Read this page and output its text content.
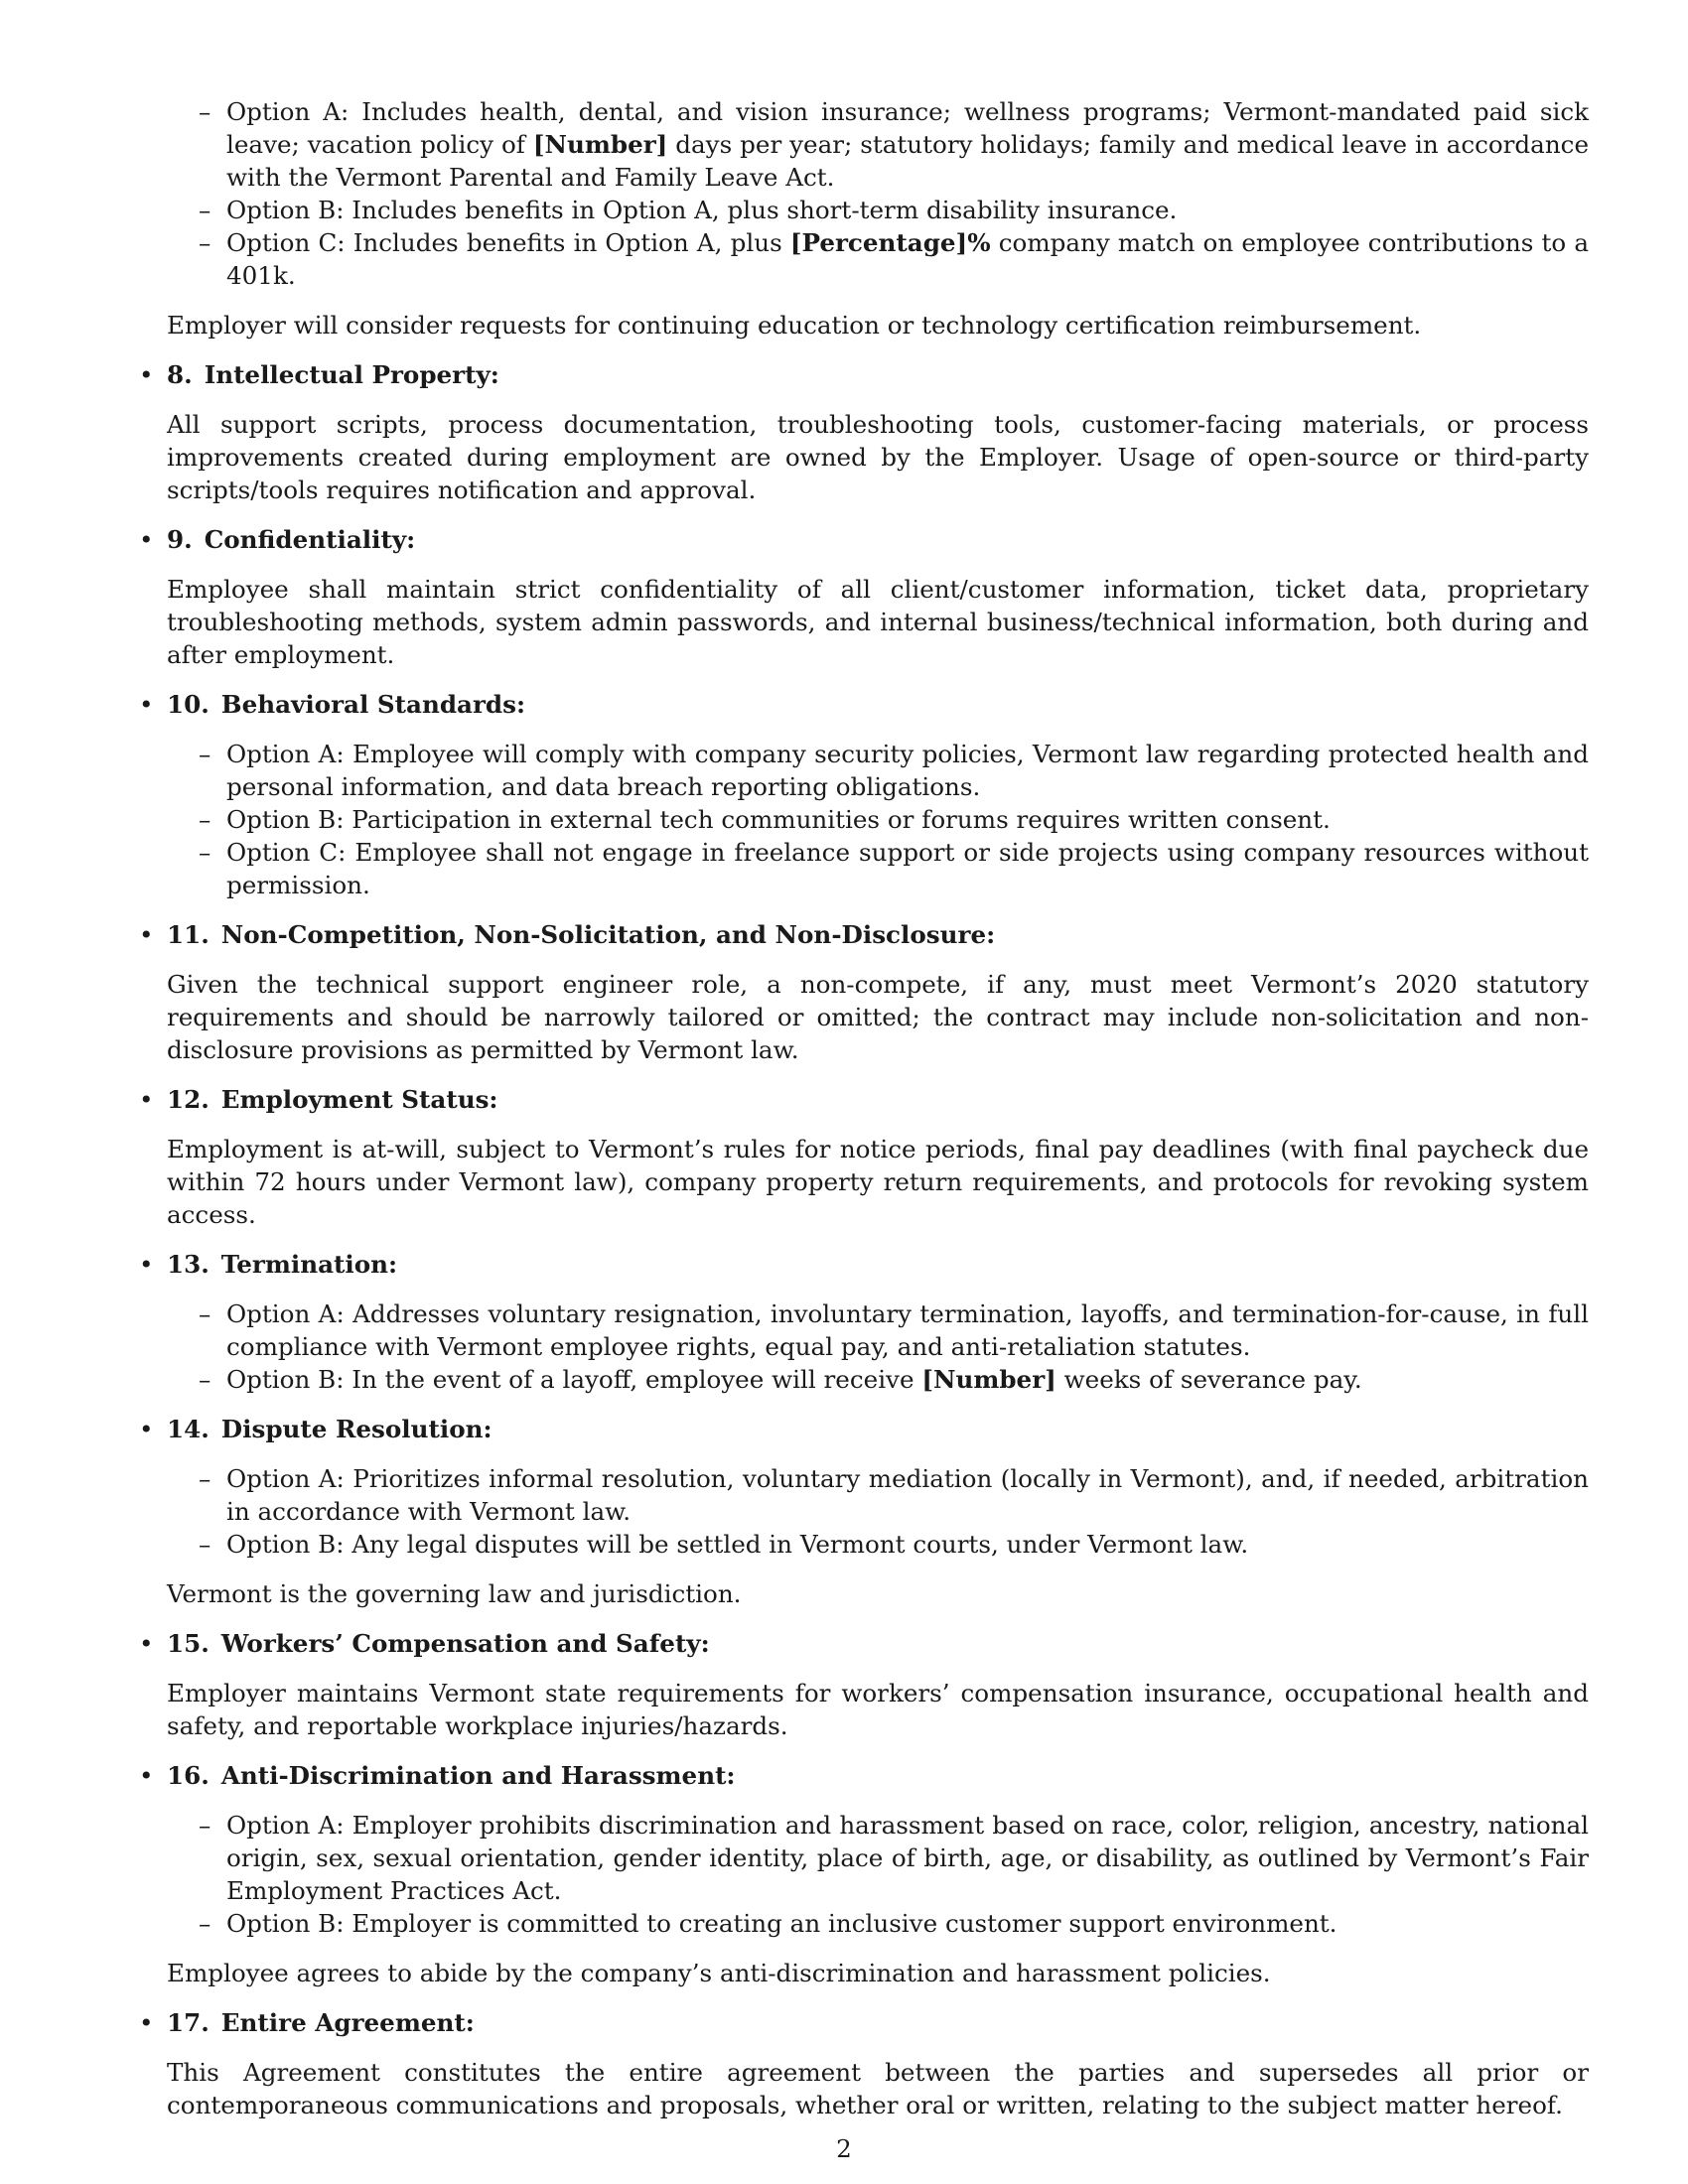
– Option A: Includes health, dental, and vision insurance; wellness programs; Vermont-mandated paid sick leave; vacation policy of [Number] days per year; statutory holidays; family and medical leave in accordance with the Vermont Parental and Family Leave Act.
– Option B: Includes benefits in Option A, plus short-term disability insurance.
– Option C: Includes benefits in Option A, plus [Percentage]% company match on employee contributions to a 401k.

Employer will consider requests for continuing education or technology certification reimbursement.

• 8. Intellectual Property:

All support scripts, process documentation, troubleshooting tools, customer-facing materials, or process improvements created during employment are owned by the Employer. Usage of open-source or third-party scripts/tools requires notification and approval.

• 9. Confidentiality:

Employee shall maintain strict confidentiality of all client/customer information, ticket data, proprietary troubleshooting methods, system admin passwords, and internal business/technical information, both during and after employment.

• 10. Behavioral Standards:
– Option A: Employee will comply with company security policies, Vermont law regarding protected health and personal information, and data breach reporting obligations.
– Option B: Participation in external tech communities or forums requires written consent.
– Option C: Employee shall not engage in freelance support or side projects using company resources without permission.
• 11. Non-Competition, Non-Solicitation, and Non-Disclosure:

Given the technical support engineer role, a non-compete, if any, must meet Vermont’s 2020 statutory requirements and should be narrowly tailored or omitted; the contract may include non-solicitation and non-disclosure provisions as permitted by Vermont law.

• 12. Employment Status:

Employment is at-will, subject to Vermont’s rules for notice periods, final pay deadlines (with final paycheck due within 72 hours under Vermont law), company property return requirements, and protocols for revoking system access.

• 13. Termination:
– Option A: Addresses voluntary resignation, involuntary termination, layoffs, and termination-for-cause, in full compliance with Vermont employee rights, equal pay, and anti-retaliation statutes.
– Option B: In the event of a layoff, employee will receive [Number] weeks of severance pay.
• 14. Dispute Resolution:
– Option A: Prioritizes informal resolution, voluntary mediation (locally in Vermont), and, if needed, arbitration in accordance with Vermont law.
– Option B: Any legal disputes will be settled in Vermont courts, under Vermont law.

Vermont is the governing law and jurisdiction.

• 15. Workers’ Compensation and Safety:

Employer maintains Vermont state requirements for workers’ compensation insurance, occupational health and safety, and reportable workplace injuries/hazards.

• 16. Anti-Discrimination and Harassment:
– Option A: Employer prohibits discrimination and harassment based on race, color, religion, ancestry, national origin, sex, sexual orientation, gender identity, place of birth, age, or disability, as outlined by Vermont’s Fair Employment Practices Act.
– Option B: Employer is committed to creating an inclusive customer support environment.

Employee agrees to abide by the company’s anti-discrimination and harassment policies.

• 17. Entire Agreement:

This Agreement constitutes the entire agreement between the parties and supersedes all prior or contemporaneous communications and proposals, whether oral or written, relating to the subject matter hereof.

2
